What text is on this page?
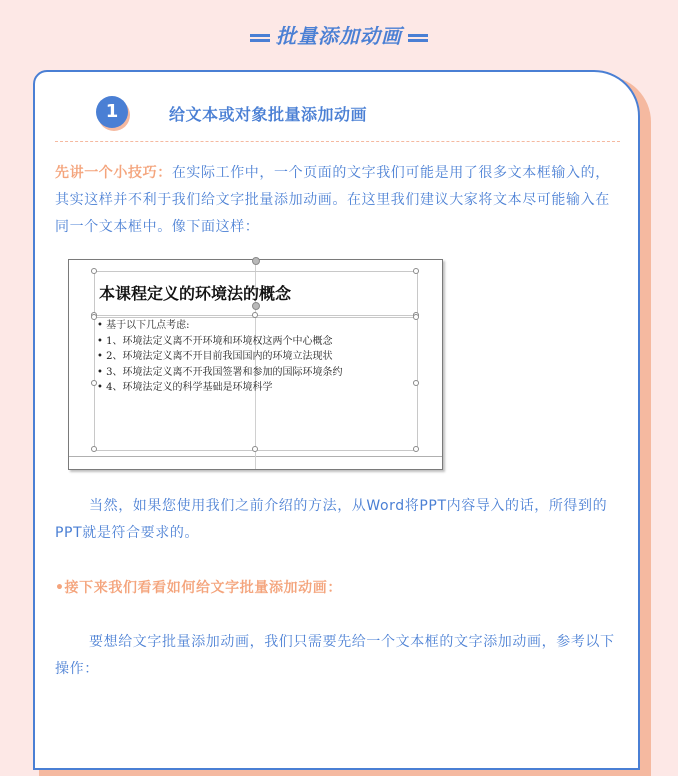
批量添加动画
1	给文本或对象批量添加动画
先讲一个小技巧：在实际工作中，一个页面的文字我们可能是用了很多文本框输入的，其实这样并不利于我们给文字批量添加动画。在这里我们建议大家将文本尽可能输入在同一个文本框中。像下面这样：
本课程定义的环境法的概念
• 基于以下几点考虑:
• 1、环境法定义离不开环境和环境权这两个中心概念
• 2、环境法定义离不开目前我国国内的环境立法现状
• 3、环境法定义离不开我国签署和参加的国际环境条约
• 4、环境法定义的科学基础是环境科学
当然，如果您使用我们之前介绍的方法，从Word将PPT内容导入的话，所得到的PPT就是符合要求的。
•接下来我们看看如何给文字批量添加动画：
要想给文字批量添加动画，我们只需要先给一个文本框的文字添加动画，参考以下操作：
